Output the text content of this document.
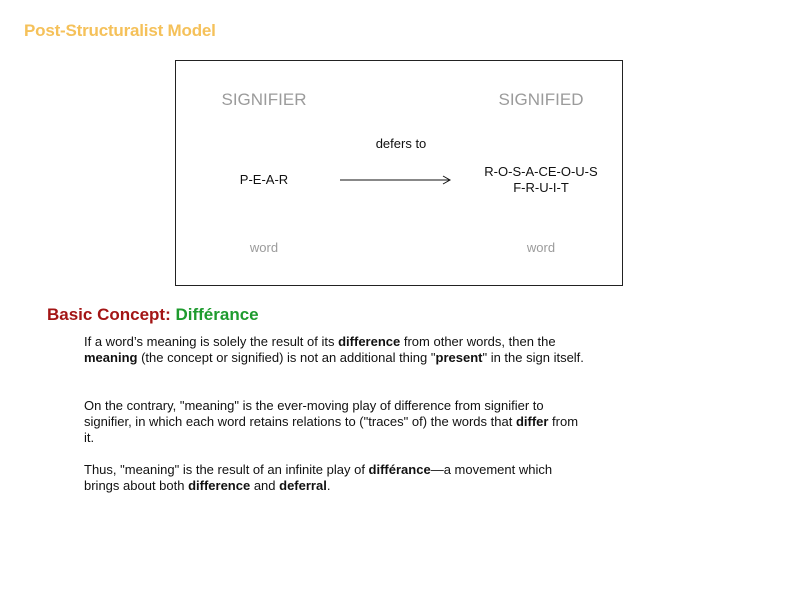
Post-Structuralist Model
SIGNIFIER	SIGNIFIED
defers to
P-E-A-R
R-O-S-A-CE-O-U-S
F-R-U-I-T
word	word
Basic Concept: Différance

If a word’s meaning is solely the result of its difference from other words, then the meaning (the concept or signified) is not an additional thing "present" in the sign itself.

On the contrary, "meaning" is the ever-moving play of difference from signifier to signifier, in which each word retains relations to ("traces" of) the words that differ from it.

Thus, "meaning" is the result of an infinite play of différance—a movement which brings about both difference and deferral.
